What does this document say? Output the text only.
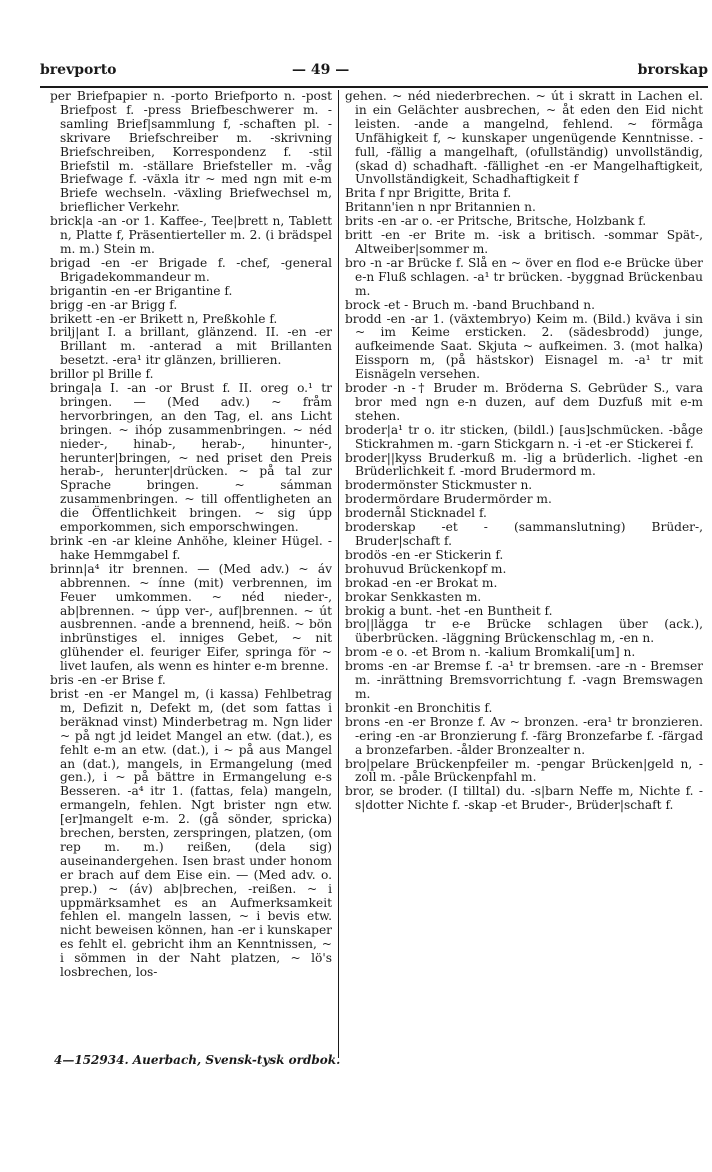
brevporto	— 49 —	brorskap

per Briefpapier n. -porto Briefporto n. -post Briefpost f. -press Briefbeschwerer m. -samling Brief|sammlung f, -schaften pl. -skrivare Briefschreiber m. -skrivning Briefschreiben, Korrespondenz f. -stil Briefstil m. -ställare Briefsteller m. -våg Briefwage f. -växla itr ~ med ngn mit e-m Briefe wechseln. -växling Briefwechsel m, brieflicher Verkehr.

brick|a -an -or 1. Kaffee-, Tee|brett n, Tablett n, Platte f, Präsentierteller m. 2. (i brädspel m. m.) Stein m.

brigad -en -er Brigade f. -chef, -general Brigadekommandeur m.

brigantin -en -er Brigantine f.

brigg -en -ar Brigg f.

brikett -en -er Brikett n, Preßkohle f.

brilj|ant I. a brillant, glänzend. II. -en -er Brillant m. -anterad a mit Brillanten besetzt. -era¹ itr glänzen, brillieren.

brillor pl Brille f.

bringa|a I. -an -or Brust f. II. oreg o.¹ tr bringen. — (Med adv.) ~ fråm hervorbringen, an den Tag, el. ans Licht bringen. ~ ihóp zusammenbringen. ~ néd nieder-, hinab-, herab-, hinunter-, herunter|bringen, ~ ned priset den Preis herab-, herunter|drücken. ~ på tal zur Sprache bringen. ~ sámman zusammenbringen. ~ till offentligheten an die Öffentlichkeit bringen. ~ sig úpp emporkommen, sich emporschwingen.

brink -en -ar kleine Anhöhe, kleiner Hügel. -hake Hemmgabel f.

brinn|a⁴ itr brennen. — (Med adv.) ~ áv abbrennen. ~ ínne (mit) verbrennen, im Feuer umkommen. ~ néd nieder-, ab|brennen. ~ úpp ver-, auf|brennen. ~ út ausbrennen. -ande a brennend, heiß. ~ bön inbrünstiges el. inniges Gebet, ~ nit glühender el. feuriger Eifer, springa för ~ livet laufen, als wenn es hinter e-m brenne.

bris -en -er Brise f.

brist -en -er Mangel m, (i kassa) Fehlbetrag m, Defizit n, Defekt m, (det som fattas i beräknad vinst) Minderbetrag m. Ngn lider ~ på ngt jd leidet Mangel an etw. (dat.), es fehlt e-m an etw. (dat.), i ~ på aus Mangel an (dat.), mangels, in Ermangelung (med gen.), i ~ på bättre in Ermangelung e-s Besseren. -a⁴ itr 1. (fattas, fela) mangeln, ermangeln, fehlen. Ngt brister ngn etw. [er]mangelt e-m. 2. (gå sönder, spricka) brechen, bersten, zerspringen, platzen, (om rep m. m.) reißen, (dela sig) auseinandergehen. Isen brast under honom er brach auf dem Eise ein. — (Med adv. o. prep.) ~ (áv) ab|brechen, -reißen. ~ i uppmärksamhet es an Aufmerksamkeit fehlen el. mangeln lassen, ~ i bevis etw. nicht beweisen können, han -er i kunskaper es fehlt el. gebricht ihm an Kenntnissen, ~ i sömmen in der Naht platzen, ~ lö's losbrechen, los-

gehen. ~ néd niederbrechen. ~ út i skratt in Lachen el. in ein Gelächter ausbrechen, ~ åt eden den Eid nicht leisten. -ande a mangelnd, fehlend. ~ förmåga Unfähigkeit f, ~ kunskaper ungenügende Kenntnisse. -full, -fällig a mangelhaft, (ofullständig) unvollständig, (skad d) schadhaft. -fällighet -en -er Mangelhaftigkeit, Unvollständigkeit, Schadhaftigkeit f

Brita f npr Brigitte, Brita f.

Britann'ien n npr Britannien n.

brits -en -ar o. -er Pritsche, Britsche, Holzbank f.

britt -en -er Brite m. -isk a britisch. -sommar Spät-, Altweiber|sommer m.

bro -n -ar Brücke f. Slå en ~ över en flod e-e Brücke über e-n Fluß schlagen. -a¹ tr brücken. -byggnad Brückenbau m.

brock -et - Bruch m. -band Bruchband n.

brodd -en -ar 1. (växtembryo) Keim m. (Bild.) kväva i sin ~ im Keime ersticken. 2. (sädesbrodd) junge, aufkeimende Saat. Skjuta ~ aufkeimen. 3. (mot halka) Eissporn m, (på hästskor) Eisnagel m. -a¹ tr mit Eisnägeln versehen.

broder -n -† Bruder m. Bröderna S. Gebrüder S., vara bror med ngn e-n duzen, auf dem Duzfuß mit e-m stehen.

broder|a¹ tr o. itr sticken, (bildl.) [aus]schmücken. -båge Stickrahmen m. -garn Stickgarn n. -i -et -er Stickerei f.

broder||kyss Bruderkuß m. -lig a brüderlich. -lighet -en Brüderlichkeit f. -mord Brudermord m.

brodermönster Stickmuster n.

brodermördare Brudermörder m.

brodernål Sticknadel f.

broderskap -et - (sammanslutning) Brüder-, Bruder|schaft f.

brodös -en -er Stickerin f.

brohuvud Brückenkopf m.

brokad -en -er Brokat m.

brokar Senkkasten m.

brokig a bunt. -het -en Buntheit f.

bro||lägga tr e-e Brücke schlagen über (ack.), überbrücken. -läggning Brückenschlag m, -en n.

brom -e o. -et Brom n. -kalium Bromkali[um] n.

broms -en -ar Bremse f. -a¹ tr bremsen. -are -n - Bremser m. -inrättning Bremsvorrichtung f. -vagn Bremswagen m.

bronkit -en Bronchitis f.

brons -en -er Bronze f. Av ~ bronzen. -era¹ tr bronzieren. -ering -en -ar Bronzierung f. -färg Bronzefarbe f. -färgad a bronzefarben. -ålder Bronzealter n.

bro|pelare Brückenpfeiler m. -pengar Brücken|geld n, -zoll m. -påle Brückenpfahl m.

bror, se broder. (I tilltal) du. -s|barn Neffe m, Nichte f. -s|dotter Nichte f. -skap -et Bruder-, Brüder|schaft f.

4—152934. Auerbach, Svensk-tysk ordbok.
